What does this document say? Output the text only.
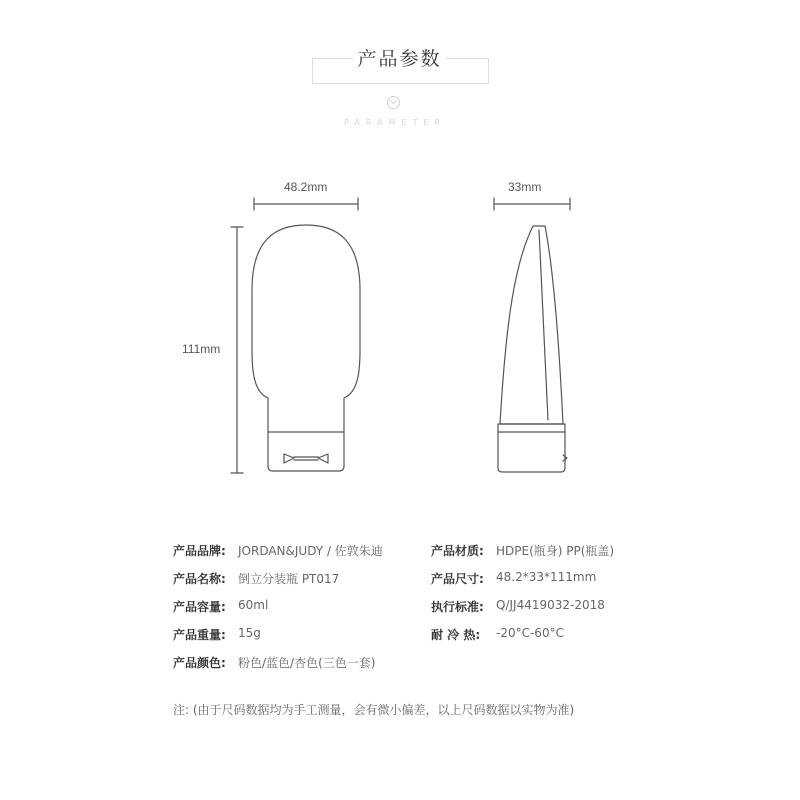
产品参数
PARAMETER
48.2mm	33mm
111mm
产品品牌: JORDAN&JUDY / 佐敦朱迪
产品名称: 倒立分装瓶 PT017
产品容量: 60ml
产品重量: 15g
产品颜色: 粉色/蓝色/杏色(三色一套)
产品材质: HDPE(瓶身) PP(瓶盖)
产品尺寸: 48.2*33*111mm
执行标准: Q/JJ4419032-2018
耐 冷 热: -20°C-60°C
注: (由于尺码数据均为手工测量，会有微小偏差，以上尺码数据以实物为准)
